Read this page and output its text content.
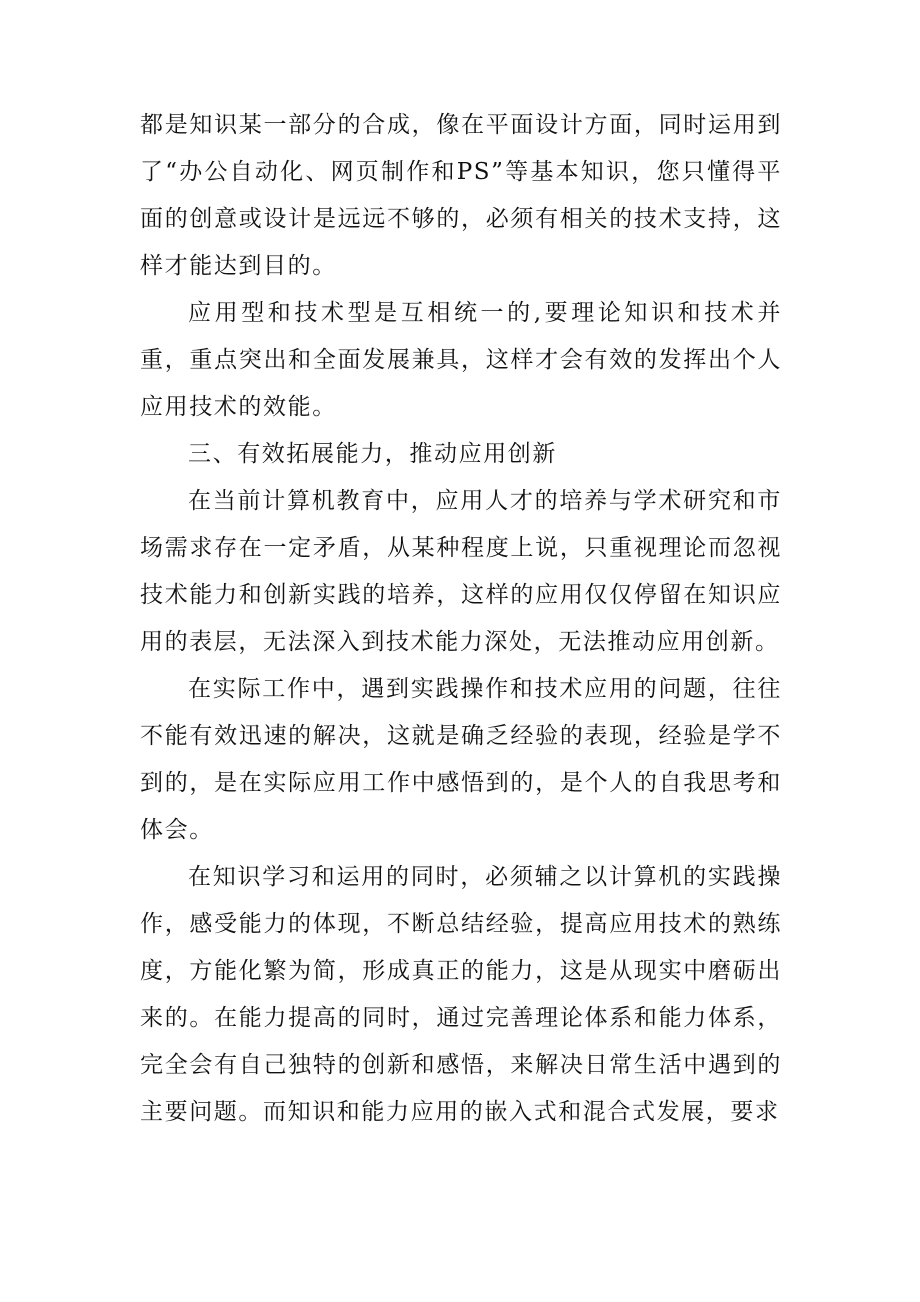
都是知识某一部分的合成，像在平面设计方面，同时运用到了“办公自动化、网页制作和PS”等基本知识，您只懂得平面的创意或设计是远远不够的，必须有相关的技术支持，这样才能达到目的。

应用型和技术型是互相统一的,要理论知识和技术并重，重点突出和全面发展兼具，这样才会有效的发挥出个人应用技术的效能。

三、有效拓展能力，推动应用创新

在当前计算机教育中，应用人才的培养与学术研究和市场需求存在一定矛盾，从某种程度上说，只重视理论而忽视技术能力和创新实践的培养，这样的应用仅仅停留在知识应用的表层，无法深入到技术能力深处，无法推动应用创新。

在实际工作中，遇到实践操作和技术应用的问题，往往不能有效迅速的解决，这就是确乏经验的表现，经验是学不到的，是在实际应用工作中感悟到的，是个人的自我思考和体会。

在知识学习和运用的同时，必须辅之以计算机的实践操作，感受能力的体现，不断总结经验，提高应用技术的熟练度，方能化繁为简，形成真正的能力，这是从现实中磨砺出来的。在能力提高的同时，通过完善理论体系和能力体系，完全会有自己独特的创新和感悟，来解决日常生活中遇到的主要问题。而知识和能力应用的嵌入式和混合式发展，要求
